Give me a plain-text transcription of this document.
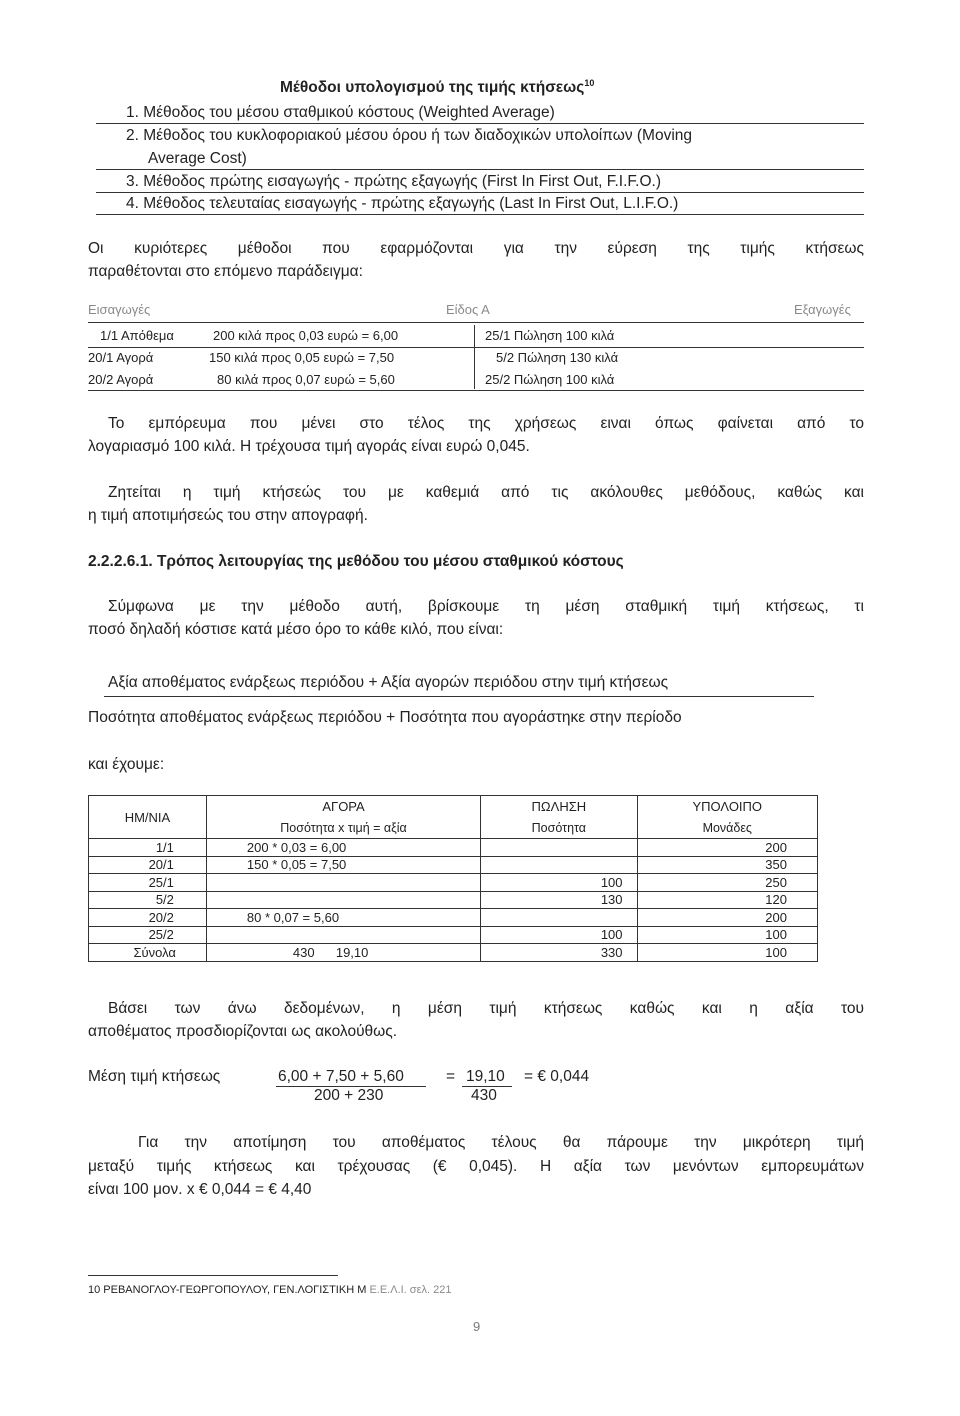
Μέθοδοι υπολογισμού της τιμής κτήσεως$^{10}$
1. Μέθοδος του μέσου σταθμικού κόστους (Weighted Average)
2. Μέθοδος του κυκλοφοριακού μέσου όρου ή των διαδοχικών υπολοίπων (Moving
Average Cost)
3. Μέθοδος πρώτης εισαγωγής - πρώτης εξαγωγής (First In First Out, F.I.F.O.)
4. Μέθοδος τελευταίας εισαγωγής - πρώτης εξαγωγής (Last In First Out, L.I.F.O.)
Οι κυριότερες μέθοδοι που εφαρμόζονται για την εύρεση της τιμής κτήσεως
παραθέτονται στο επόμενο παράδειγμα:
Εισαγωγές	Είδος Α	Εξαγωγές
1/1 Απόθεμα	200 κιλά προς 0,03 ευρώ = 6,00	25/1 Πώληση 100 κιλά
20/1 Αγορά	150 κιλά προς 0,05 ευρώ = 7,50	5/2 Πώληση 130 κιλά
20/2 Αγορά	80 κιλά προς 0,07 ευρώ = 5,60	25/2 Πώληση 100 κιλά
Το εμπόρευμα που μένει στο τέλος της χρήσεως ειναι όπως φαίνεται από το
λογαριασμό 100 κιλά. Η τρέχουσα τιμή αγοράς είναι ευρώ 0,045.
Ζητείται η τιμή κτήσεώς του με καθεμιά από τις ακόλουθες μεθόδους, καθώς και
η τιμή αποτιμήσεώς του στην απογραφή.
2.2.2.6.1. Τρόπος λειτουργίας της μεθόδου του μέσου σταθμικού κόστους
Σύμφωνα με την μέθοδο αυτή, βρίσκουμε τη μέση σταθμική τιμή κτήσεως, τι
ποσό δηλαδή κόστισε κατά μέσο όρο το κάθε κιλό, που είναι:
Αξία αποθέματος ενάρξεως περιόδου + Αξία αγορών περιόδου στην τιμή κτήσεως
Ποσότητα αποθέματος ενάρξεως περιόδου + Ποσότητα που αγοράστηκε στην περίοδο
και έχουμε:
ΗΜ/ΝΙΑ	ΑΓΟΡΑ	ΠΩΛΗΣΗ	ΥΠΟΛΟΙΠΟ
	Ποσότητα x τιμή = αξία	Ποσότητα	Μονάδες
1/1	200 * 0,03 = 6,00		200
20/1	150 * 0,05 = 7,50		350
25/1		100	250
5/2		130	120
20/2	80 * 0,07 = 5,60		200
25/2		100	100
Σύνολα	430 19,10	330	100
Βάσει των άνω δεδομένων, η μέση τιμή κτήσεως καθώς και η αξία του
αποθέματος προσδιορίζονται ως ακολούθως.
Μέση τιμή κτήσεως	6,00 + 7,50 + 5,60
200 + 230
= 19,10
430
= € 0,044
Για την αποτίμηση του αποθέματος τέλους θα πάρουμε την μικρότερη τιμή
μεταξύ τιμής κτήσεως και τρέχουσας (€ 0,045). Η αξία των μενόντων εμπορευμάτων
είναι 100 μον. x € 0,044 = € 4,40
10 ΡΕΒΑΝΟΓΛΟΥ-ΓΕΩΡΓΟΠΟΥΛΟΥ, ΓΕΝ.ΛΟΓΙΣΤΙΚΗ Μ Ε.Ε.Λ.Ι. σελ. 221
9
